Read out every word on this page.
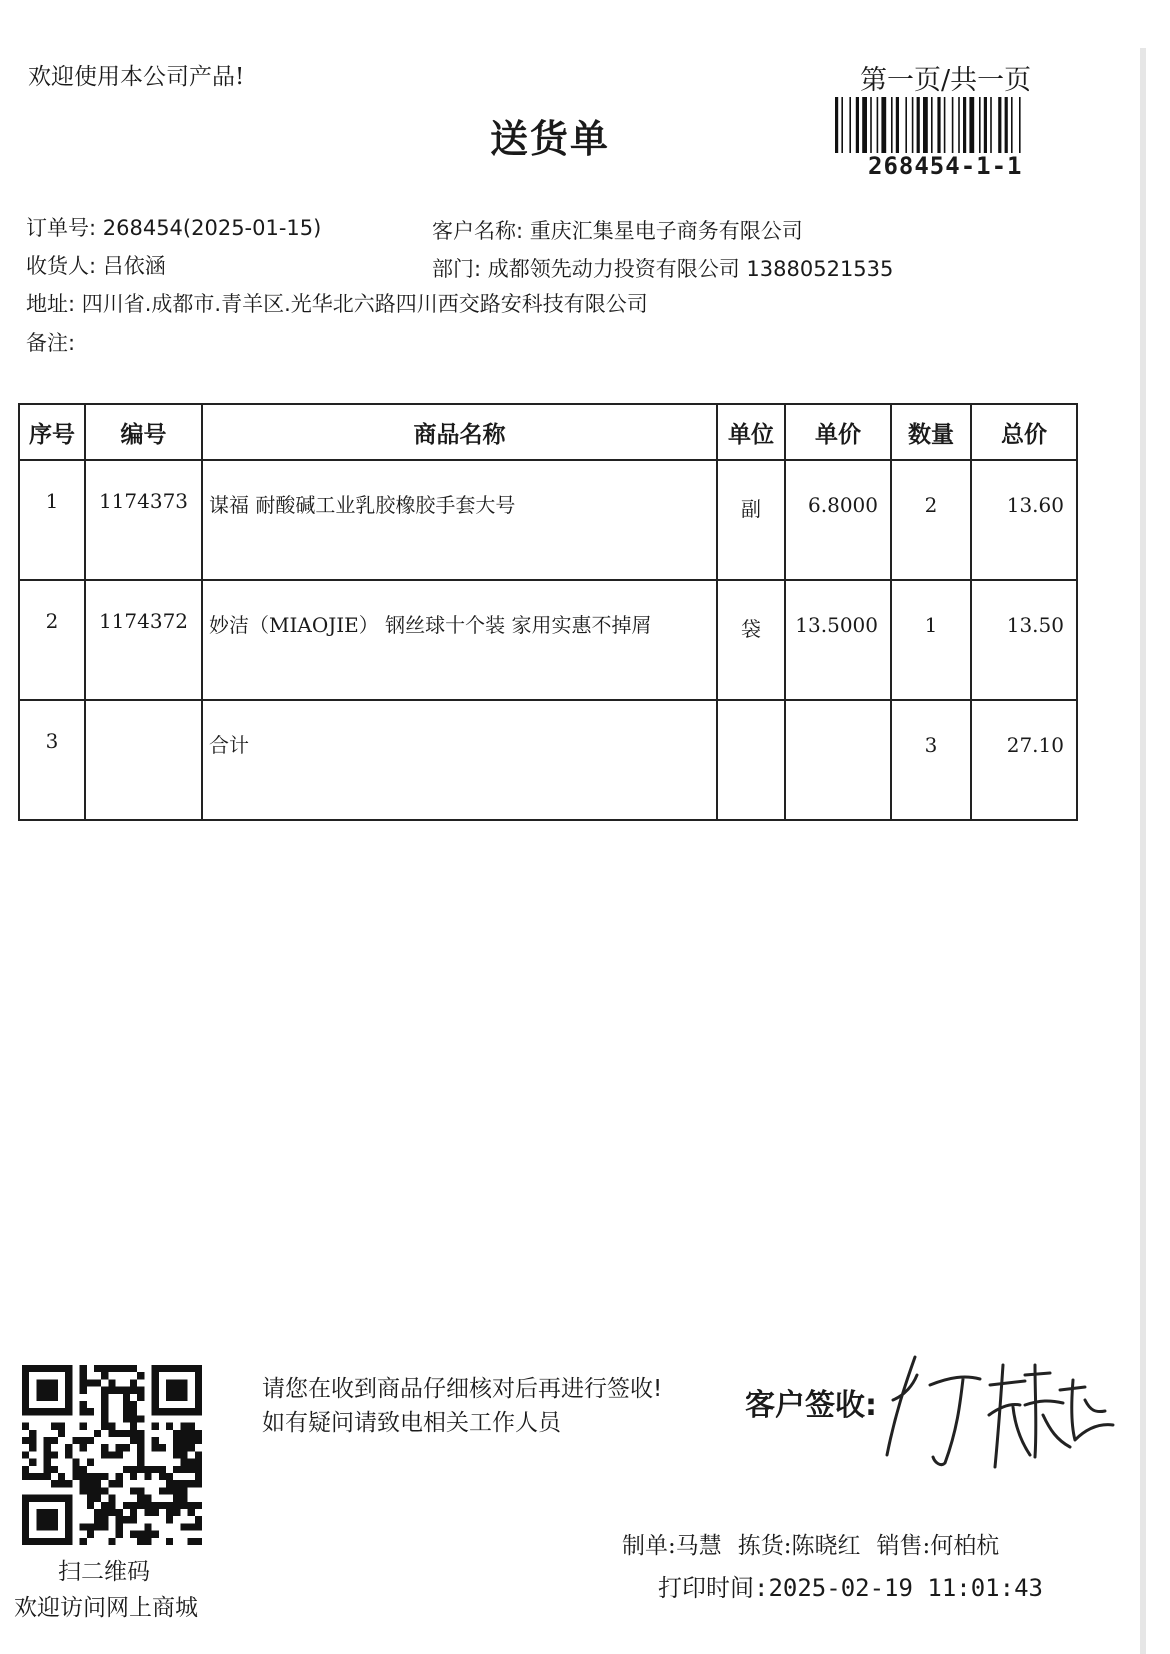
欢迎使用本公司产品!	第一页/共一页
送货单
268454-1-1
订单号: 268454(2025-01-15)	客户名称: 重庆汇集星电子商务有限公司
收货人: 吕依涵	部门: 成都领先动力投资有限公司 13880521535
地址: 四川省.成都市.青羊区.光华北六路四川西交路安科技有限公司
备注:
序号	编号	商品名称	单位	单价	数量	总价
1	1174373	谋福 耐酸碱工业乳胶橡胶手套大号	副	6.8000	2	13.60
2	1174372	妙洁（MIAOJIE） 钢丝球十个装 家用实惠不掉屑	袋	13.5000	1	13.50
3		合计			3	27.10
扫二维码
欢迎访问网上商城
请您在收到商品仔细核对后再进行签收! 如有疑问请致电相关工作人员	客户签收:
制单:马慧 拣货:陈晓红 销售:何柏杭
打印时间:2025-02-19 11:01:43
